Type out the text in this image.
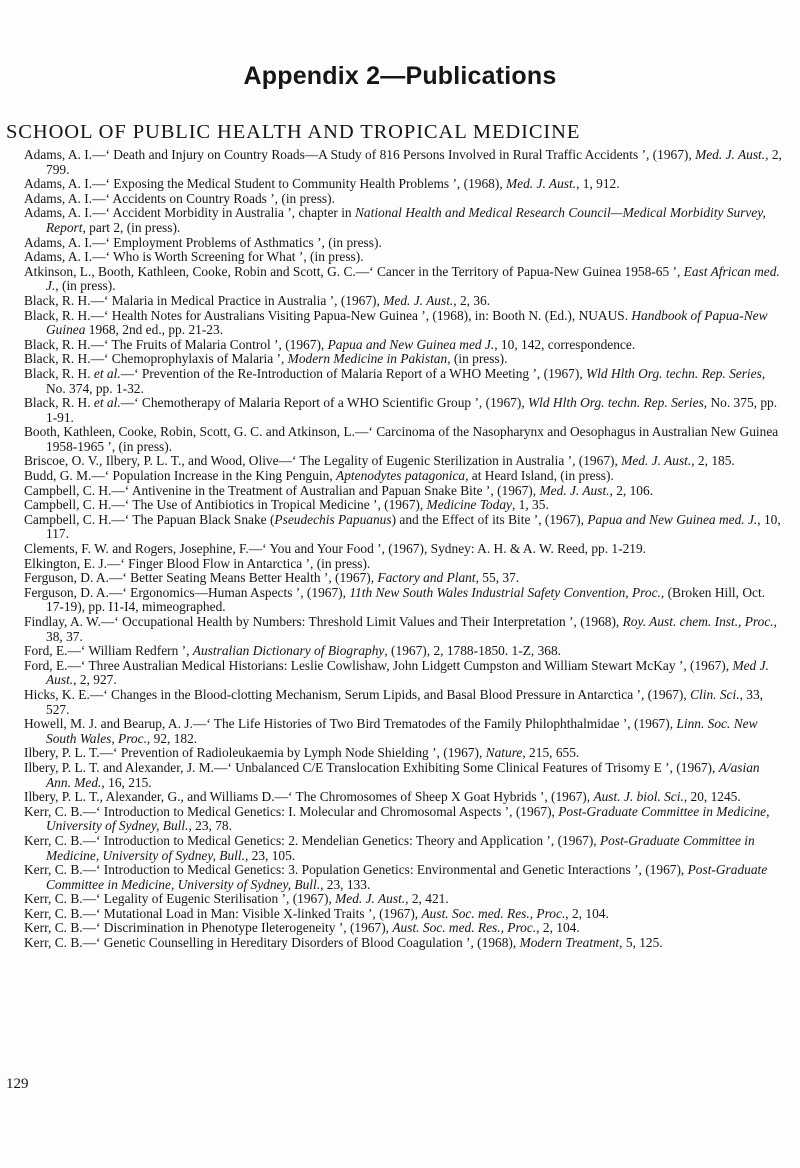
Appendix 2—Publications
SCHOOL OF PUBLIC HEALTH AND TROPICAL MEDICINE

Adams, A. I.—‘ Death and Injury on Country Roads—A Study of 816 Persons Involved in Rural Traffic Accidents ’, (1967), Med. J. Aust., 2, 799.

Adams, A. I.—‘ Exposing the Medical Student to Community Health Problems ’, (1968), Med. J. Aust., 1, 912.

Adams, A. I.—‘ Accidents on Country Roads ’, (in press).

Adams, A. I.—‘ Accident Morbidity in Australia ’, chapter in National Health and Medical Research Council—Medical Morbidity Survey, Report, part 2, (in press).

Adams, A. I.—‘ Employment Problems of Asthmatics ’, (in press).

Adams, A. I.—‘ Who is Worth Screening for What ’, (in press).

Atkinson, L., Booth, Kathleen, Cooke, Robin and Scott, G. C.—‘ Cancer in the Territory of Papua-New Guinea 1958-65 ’, East African med. J., (in press).

Black, R. H.—‘ Malaria in Medical Practice in Australia ’, (1967), Med. J. Aust., 2, 36.

Black, R. H.—‘ Health Notes for Australians Visiting Papua-New Guinea ’, (1968), in: Booth N. (Ed.), NUAUS. Handbook of Papua-New Guinea 1968, 2nd ed., pp. 21-23.

Black, R. H.—‘ The Fruits of Malaria Control ’, (1967), Papua and New Guinea med J., 10, 142, correspondence.

Black, R. H.—‘ Chemoprophylaxis of Malaria ’, Modern Medicine in Pakistan, (in press).

Black, R. H. et al.—‘ Prevention of the Re-Introduction of Malaria Report of a WHO Meeting ’, (1967), Wld Hlth Org. techn. Rep. Series, No. 374, pp. 1-32.

Black, R. H. et al.—‘ Chemotherapy of Malaria Report of a WHO Scientific Group ’, (1967), Wld Hlth Org. techn. Rep. Series, No. 375, pp. 1-91.

Booth, Kathleen, Cooke, Robin, Scott, G. C. and Atkinson, L.—‘ Carcinoma of the Nasopharynx and Oesophagus in Australian New Guinea 1958-1965 ’, (in press).

Briscoe, O. V., Ilbery, P. L. T., and Wood, Olive—‘ The Legality of Eugenic Sterilization in Australia ’, (1967), Med. J. Aust., 2, 185.

Budd, G. M.—‘ Population Increase in the King Penguin, Aptenodytes patagonica, at Heard Island, (in press).

Campbell, C. H.—‘ Antivenine in the Treatment of Australian and Papuan Snake Bite ’, (1967), Med. J. Aust., 2, 106.

Campbell, C. H.—‘ The Use of Antibiotics in Tropical Medicine ’, (1967), Medicine Today, 1, 35.

Campbell, C. H.—‘ The Papuan Black Snake (Pseudechis Papuanus) and the Effect of its Bite ’, (1967), Papua and New Guinea med. J., 10, 117.

Clements, F. W. and Rogers, Josephine, F.—‘ You and Your Food ’, (1967), Sydney: A. H. & A. W. Reed, pp. 1-219.

Elkington, E. J.—‘ Finger Blood Flow in Antarctica ’, (in press).

Ferguson, D. A.—‘ Better Seating Means Better Health ’, (1967), Factory and Plant, 55, 37.

Ferguson, D. A.—‘ Ergonomics—Human Aspects ’, (1967), 11th New South Wales Industrial Safety Convention, Proc., (Broken Hill, Oct. 17-19), pp. I1-I4, mimeographed.

Findlay, A. W.—‘ Occupational Health by Numbers: Threshold Limit Values and Their Interpretation ’, (1968), Roy. Aust. chem. Inst., Proc., 38, 37.

Ford, E.—‘ William Redfern ’, Australian Dictionary of Biography, (1967), 2, 1788-1850. 1-Z, 368.

Ford, E.—‘ Three Australian Medical Historians: Leslie Cowlishaw, John Lidgett Cumpston and William Stewart McKay ’, (1967), Med J. Aust., 2, 927.

Hicks, K. E.—‘ Changes in the Blood-clotting Mechanism, Serum Lipids, and Basal Blood Pressure in Antarctica ’, (1967), Clin. Sci., 33, 527.

Howell, M. J. and Bearup, A. J.—‘ The Life Histories of Two Bird Trematodes of the Family Philophthalmidae ’, (1967), Linn. Soc. New South Wales, Proc., 92, 182.

Ilbery, P. L. T.—‘ Prevention of Radioleukaemia by Lymph Node Shielding ’, (1967), Nature, 215, 655.

Ilbery, P. L. T. and Alexander, J. M.—‘ Unbalanced C/E Translocation Exhibiting Some Clinical Features of Trisomy E ’, (1967), A/asian Ann. Med., 16, 215.

Ilbery, P. L. T., Alexander, G., and Williams D.—‘ The Chromosomes of Sheep X Goat Hybrids ’, (1967), Aust. J. biol. Sci., 20, 1245.

Kerr, C. B.—‘ Introduction to Medical Genetics: I. Molecular and Chromosomal Aspects ’, (1967), Post-Graduate Committee in Medicine, University of Sydney, Bull., 23, 78.

Kerr, C. B.—‘ Introduction to Medical Genetics: 2. Mendelian Genetics: Theory and Application ’, (1967), Post-Graduate Committee in Medicine, University of Sydney, Bull., 23, 105.

Kerr, C. B.—‘ Introduction to Medical Genetics: 3. Population Genetics: Environmental and Genetic Interactions ’, (1967), Post-Graduate Committee in Medicine, University of Sydney, Bull., 23, 133.

Kerr, C. B.—‘ Legality of Eugenic Sterilisation ’, (1967), Med. J. Aust., 2, 421.

Kerr, C. B.—‘ Mutational Load in Man: Visible X-linked Traits ’, (1967), Aust. Soc. med. Res., Proc., 2, 104.

Kerr, C. B.—‘ Discrimination in Phenotype Ileterogeneity ’, (1967), Aust. Soc. med. Res., Proc., 2, 104.

Kerr, C. B.—‘ Genetic Counselling in Hereditary Disorders of Blood Coagulation ’, (1968), Modern Treatment, 5, 125.

129
